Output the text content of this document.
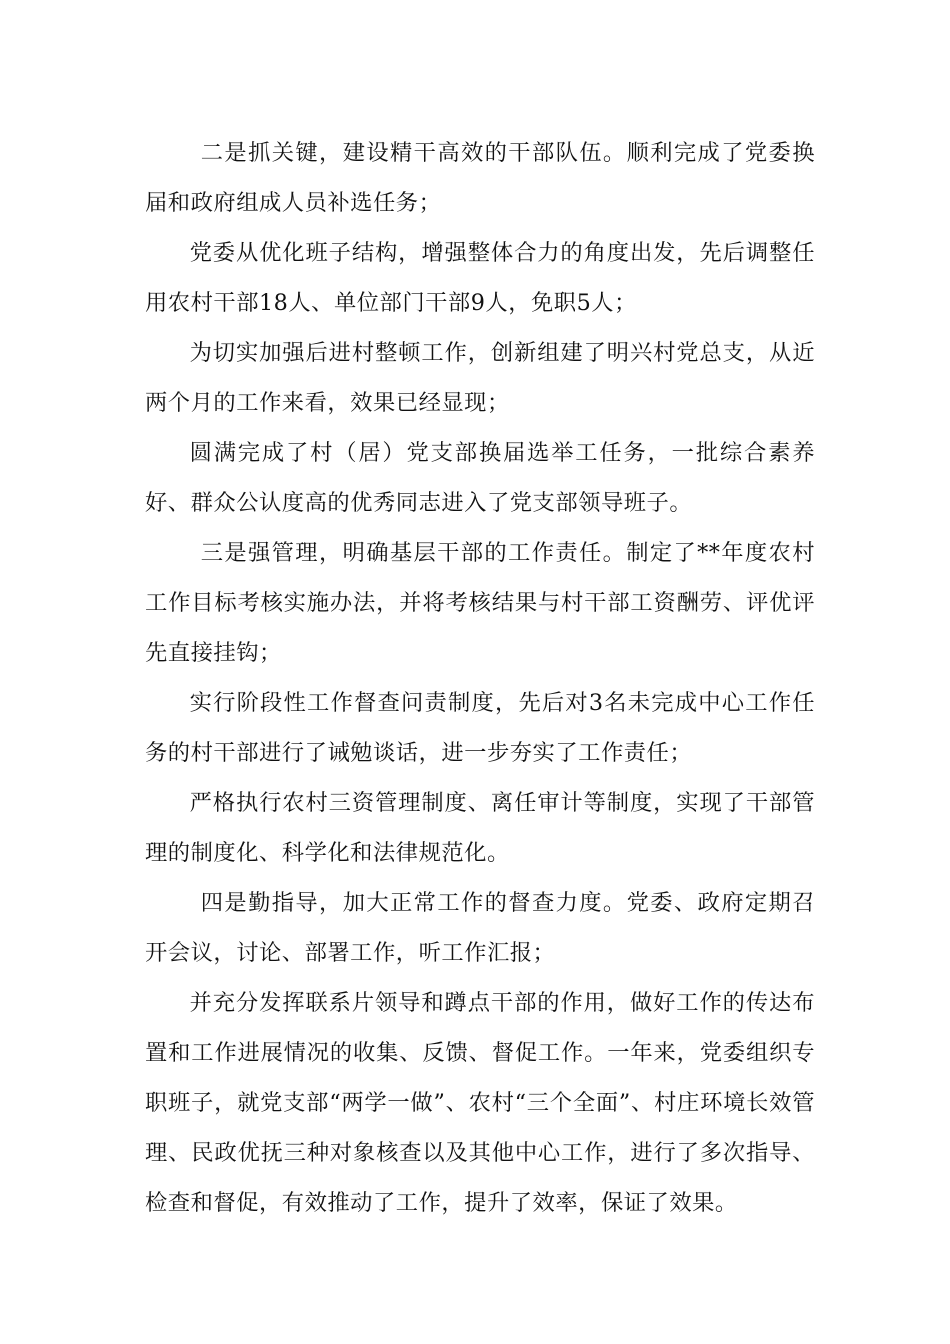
二是抓关键，建设精干高效的干部队伍。顺利完成了党委换届和政府组成人员补选任务；

党委从优化班子结构，增强整体合力的角度出发，先后调整任用农村干部18人、单位部门干部9人，免职5人；

为切实加强后进村整顿工作，创新组建了明兴村党总支，从近两个月的工作来看，效果已经显现；

圆满完成了村（居）党支部换届选举工任务，一批综合素养好、群众公认度高的优秀同志进入了党支部领导班子。

三是强管理，明确基层干部的工作责任。制定了**年度农村工作目标考核实施办法，并将考核结果与村干部工资酬劳、评优评先直接挂钩；

实行阶段性工作督查问责制度，先后对3名未完成中心工作任务的村干部进行了诫勉谈话，进一步夯实了工作责任；

严格执行农村三资管理制度、离任审计等制度，实现了干部管理的制度化、科学化和法律规范化。

四是勤指导，加大正常工作的督查力度。党委、政府定期召开会议，讨论、部署工作，听工作汇报；

并充分发挥联系片领导和蹲点干部的作用，做好工作的传达布置和工作进展情况的收集、反馈、督促工作。一年来，党委组织专职班子，就党支部“两学一做”、农村“三个全面”、村庄环境长效管理、民政优抚三种对象核查以及其他中心工作，进行了多次指导、检查和督促，有效推动了工作，提升了效率，保证了效果。
